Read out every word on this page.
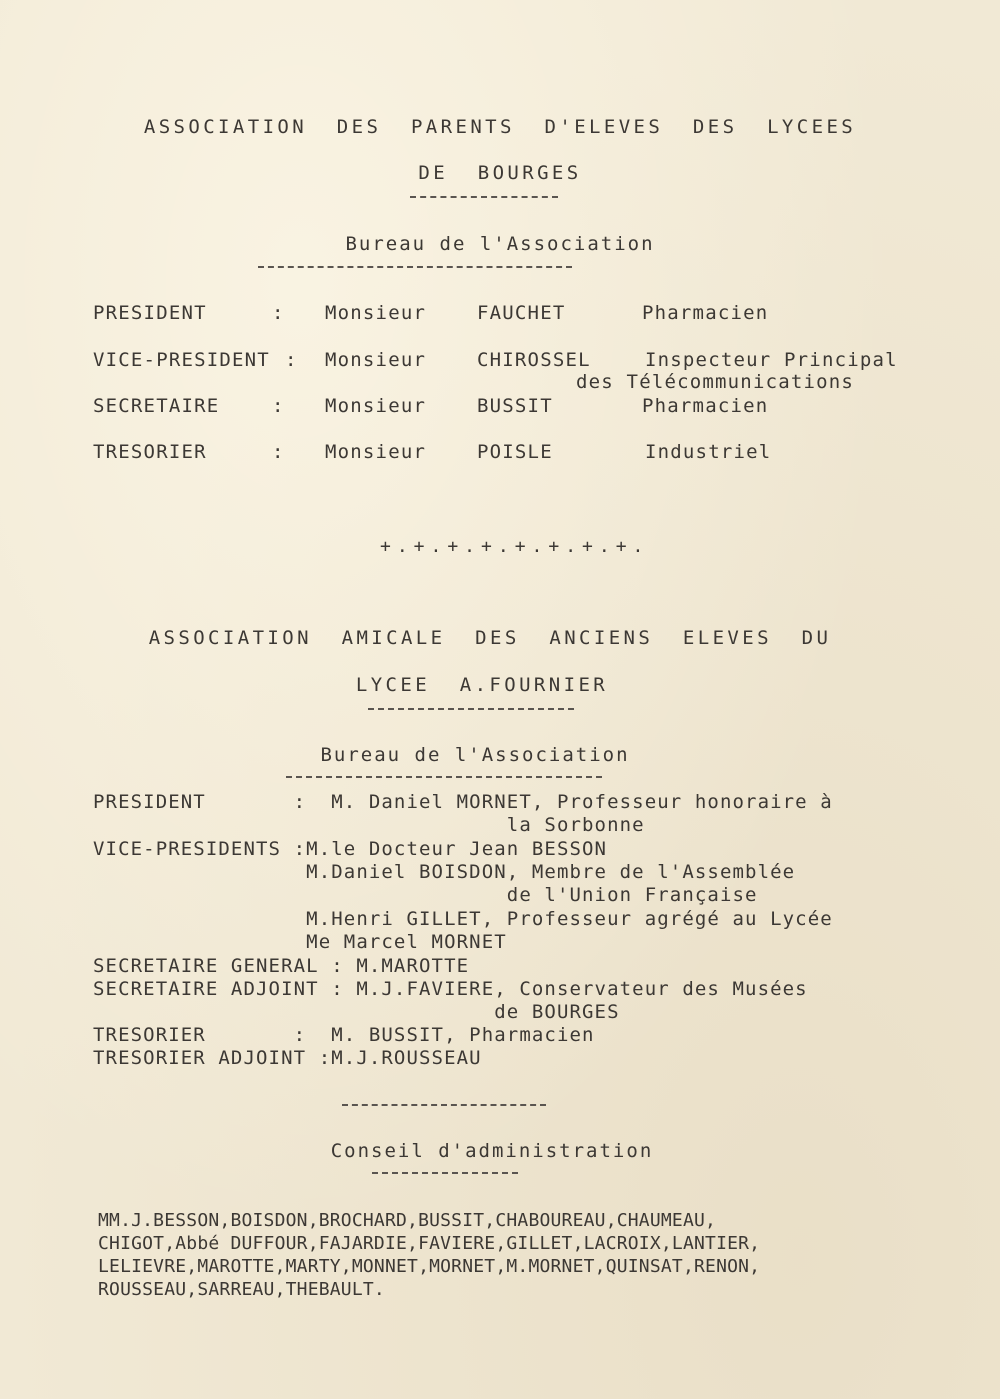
ASSOCIATION  DES  PARENTS  D'ELEVES  DES  LYCEES
DE  BOURGES
Bureau de l'Association
PRESIDENT	: Monsieur	FAUCHET	Pharmacien
VICE-PRESIDENT : Monsieur	CHIROSSEL	Inspecteur Principal
des Télécommunications
SECRETAIRE	: Monsieur	BUSSIT	Pharmacien
TRESORIER	: Monsieur	POISLE	Industriel
+.+.+.+.+.+.+.+.
ASSOCIATION  AMICALE  DES  ANCIENS  ELEVES  DU
LYCEE  A.FOURNIER
Bureau de l'Association
PRESIDENT       :  M. Daniel MORNET, Professeur honoraire à
la Sorbonne
VICE-PRESIDENTS :M.le Docteur Jean BESSON
M.Daniel BOISDON, Membre de l'Assemblée
de l'Union Française
M.Henri GILLET, Professeur agrégé au Lycée
Me Marcel MORNET
SECRETAIRE GENERAL : M.MAROTTE
SECRETAIRE ADJOINT : M.J.FAVIERE, Conservateur des Musées
de BOURGES
TRESORIER       :  M. BUSSIT, Pharmacien
TRESORIER ADJOINT :M.J.ROUSSEAU
Conseil d'administration
MM.J.BESSON,BOISDON,BROCHARD,BUSSIT,CHABOUREAU,CHAUMEAU,
CHIGOT,Abbé DUFFOUR,FAJARDIE,FAVIERE,GILLET,LACROIX,LANTIER,
LELIEVRE,MAROTTE,MARTY,MONNET,MORNET,M.MORNET,QUINSAT,RENON,
ROUSSEAU,SARREAU,THEBAULT.
